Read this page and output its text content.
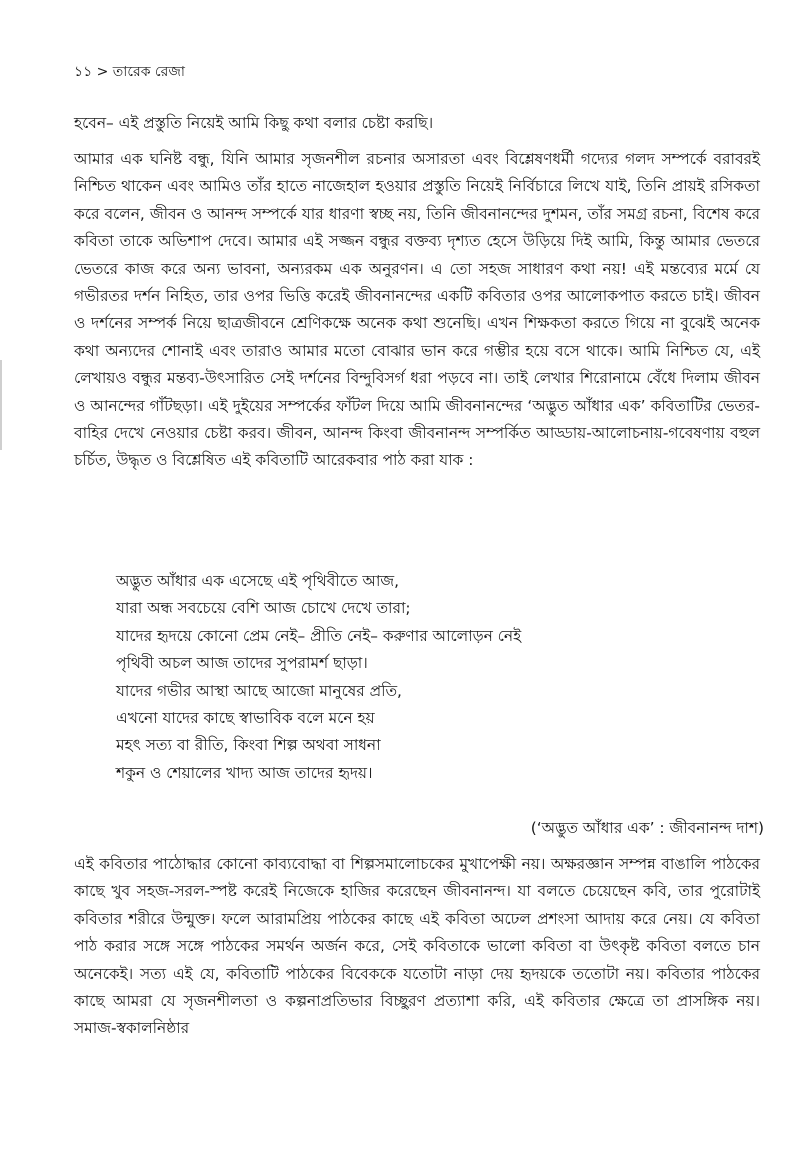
১১ > তারেক রেজা

হবেন– এই প্রস্তুতি নিয়েই আমি কিছু কথা বলার চেষ্টা করছি।

আমার এক ঘনিষ্ট বন্ধু, যিনি আমার সৃজনশীল রচনার অসারতা এবং বিশ্লেষণধর্মী গদ্যের গলদ সম্পর্কে বরাবরই নিশ্চিত থাকেন এবং আমিও তাঁর হাতে নাজেহাল হওয়ার প্রস্তুতি নিয়েই নির্বিচারে লিখে যাই, তিনি প্রায়ই রসিকতা করে বলেন, জীবন ও আনন্দ সম্পর্কে যার ধারণা স্বচ্ছ নয়, তিনি জীবনানন্দের দুশমন, তাঁর সমগ্র রচনা, বিশেষ করে কবিতা তাকে অভিশাপ দেবে। আমার এই সজ্জন বন্ধুর বক্তব্য দৃশ্যত হেসে উড়িয়ে দিই আমি, কিন্তু আমার ভেতরে ভেতরে কাজ করে অন্য ভাবনা, অন্যরকম এক অনুরণন। এ তো সহজ সাধারণ কথা নয়! এই মন্তব্যের মর্মে যে গভীরতর দর্শন নিহিত, তার ওপর ভিত্তি করেই জীবনানন্দের একটি কবিতার ওপর আলোকপাত করতে চাই। জীবন ও দর্শনের সম্পর্ক নিয়ে ছাত্রজীবনে শ্রেণিকক্ষে অনেক কথা শুনেছি। এখন শিক্ষকতা করতে গিয়ে না বুঝেই অনেক কথা অন্যদের শোনাই এবং তারাও আমার মতো বোঝার ভান করে গম্ভীর হয়ে বসে থাকে। আমি নিশ্চিত যে, এই লেখায়ও বন্ধুর মন্তব্য-উৎসারিত সেই দর্শনের বিন্দুবিসর্গ ধরা পড়বে না। তাই লেখার শিরোনামে বেঁধে দিলাম জীবন ও আনন্দের গাঁটছড়া। এই দুইয়ের সম্পর্কের ফাঁটল দিয়ে আমি জীবনানন্দের ‘অদ্ভুত আঁধার এক’ কবিতাটির ভেতর-বাহির দেখে নেওয়ার চেষ্টা করব। জীবন, আনন্দ কিংবা জীবনানন্দ সম্পর্কিত আড্ডায়-আলোচনায়-গবেষণায় বহুল চর্চিত, উদ্ধৃত ও বিশ্লেষিত এই কবিতাটি আরেকবার পাঠ করা যাক :

অদ্ভুত আঁধার এক এসেছে এই পৃথিবীতে আজ,
যারা অন্ধ সবচেয়ে বেশি আজ চোখে দেখে তারা;
যাদের হৃদয়ে কোনো প্রেম নেই– প্রীতি নেই– করুণার আলোড়ন নেই
পৃথিবী অচল আজ তাদের সুপরামর্শ ছাড়া।
যাদের গভীর আস্থা আছে আজো মানুষের প্রতি,
এখনো যাদের কাছে স্বাভাবিক বলে মনে হয়
মহৎ সত্য বা রীতি, কিংবা শিল্প অথবা সাধনা
শকুন ও শেয়ালের খাদ্য আজ তাদের হৃদয়।
(‘অদ্ভুত আঁধার এক’ : জীবনানন্দ দাশ)

এই কবিতার পাঠোদ্ধার কোনো কাব্যবোদ্ধা বা শিল্পসমালোচকের মুখাপেক্ষী নয়। অক্ষরজ্ঞান সম্পন্ন বাঙালি পাঠকের কাছে খুব সহজ-সরল-স্পষ্ট করেই নিজেকে হাজির করেছেন জীবনানন্দ। যা বলতে চেয়েছেন কবি, তার পুরোটাই কবিতার শরীরে উন্মুক্ত। ফলে আরামপ্রিয় পাঠকের কাছে এই কবিতা অঢেল প্রশংসা আদায় করে নেয়। যে কবিতা পাঠ করার সঙ্গে সঙ্গে পাঠকের সমর্থন অর্জন করে, সেই কবিতাকে ভালো কবিতা বা উৎকৃষ্ট কবিতা বলতে চান অনেকেই। সত্য এই যে, কবিতাটি পাঠকের বিবেককে যতোটা নাড়া দেয় হৃদয়কে ততোটা নয়। কবিতার পাঠকের কাছে আমরা যে সৃজনশীলতা ও কল্পনাপ্রতিভার বিচ্ছুরণ প্রত্যাশা করি, এই কবিতার ক্ষেত্রে তা প্রাসঙ্গিক নয়। সমাজ-স্বকালনিষ্ঠার
